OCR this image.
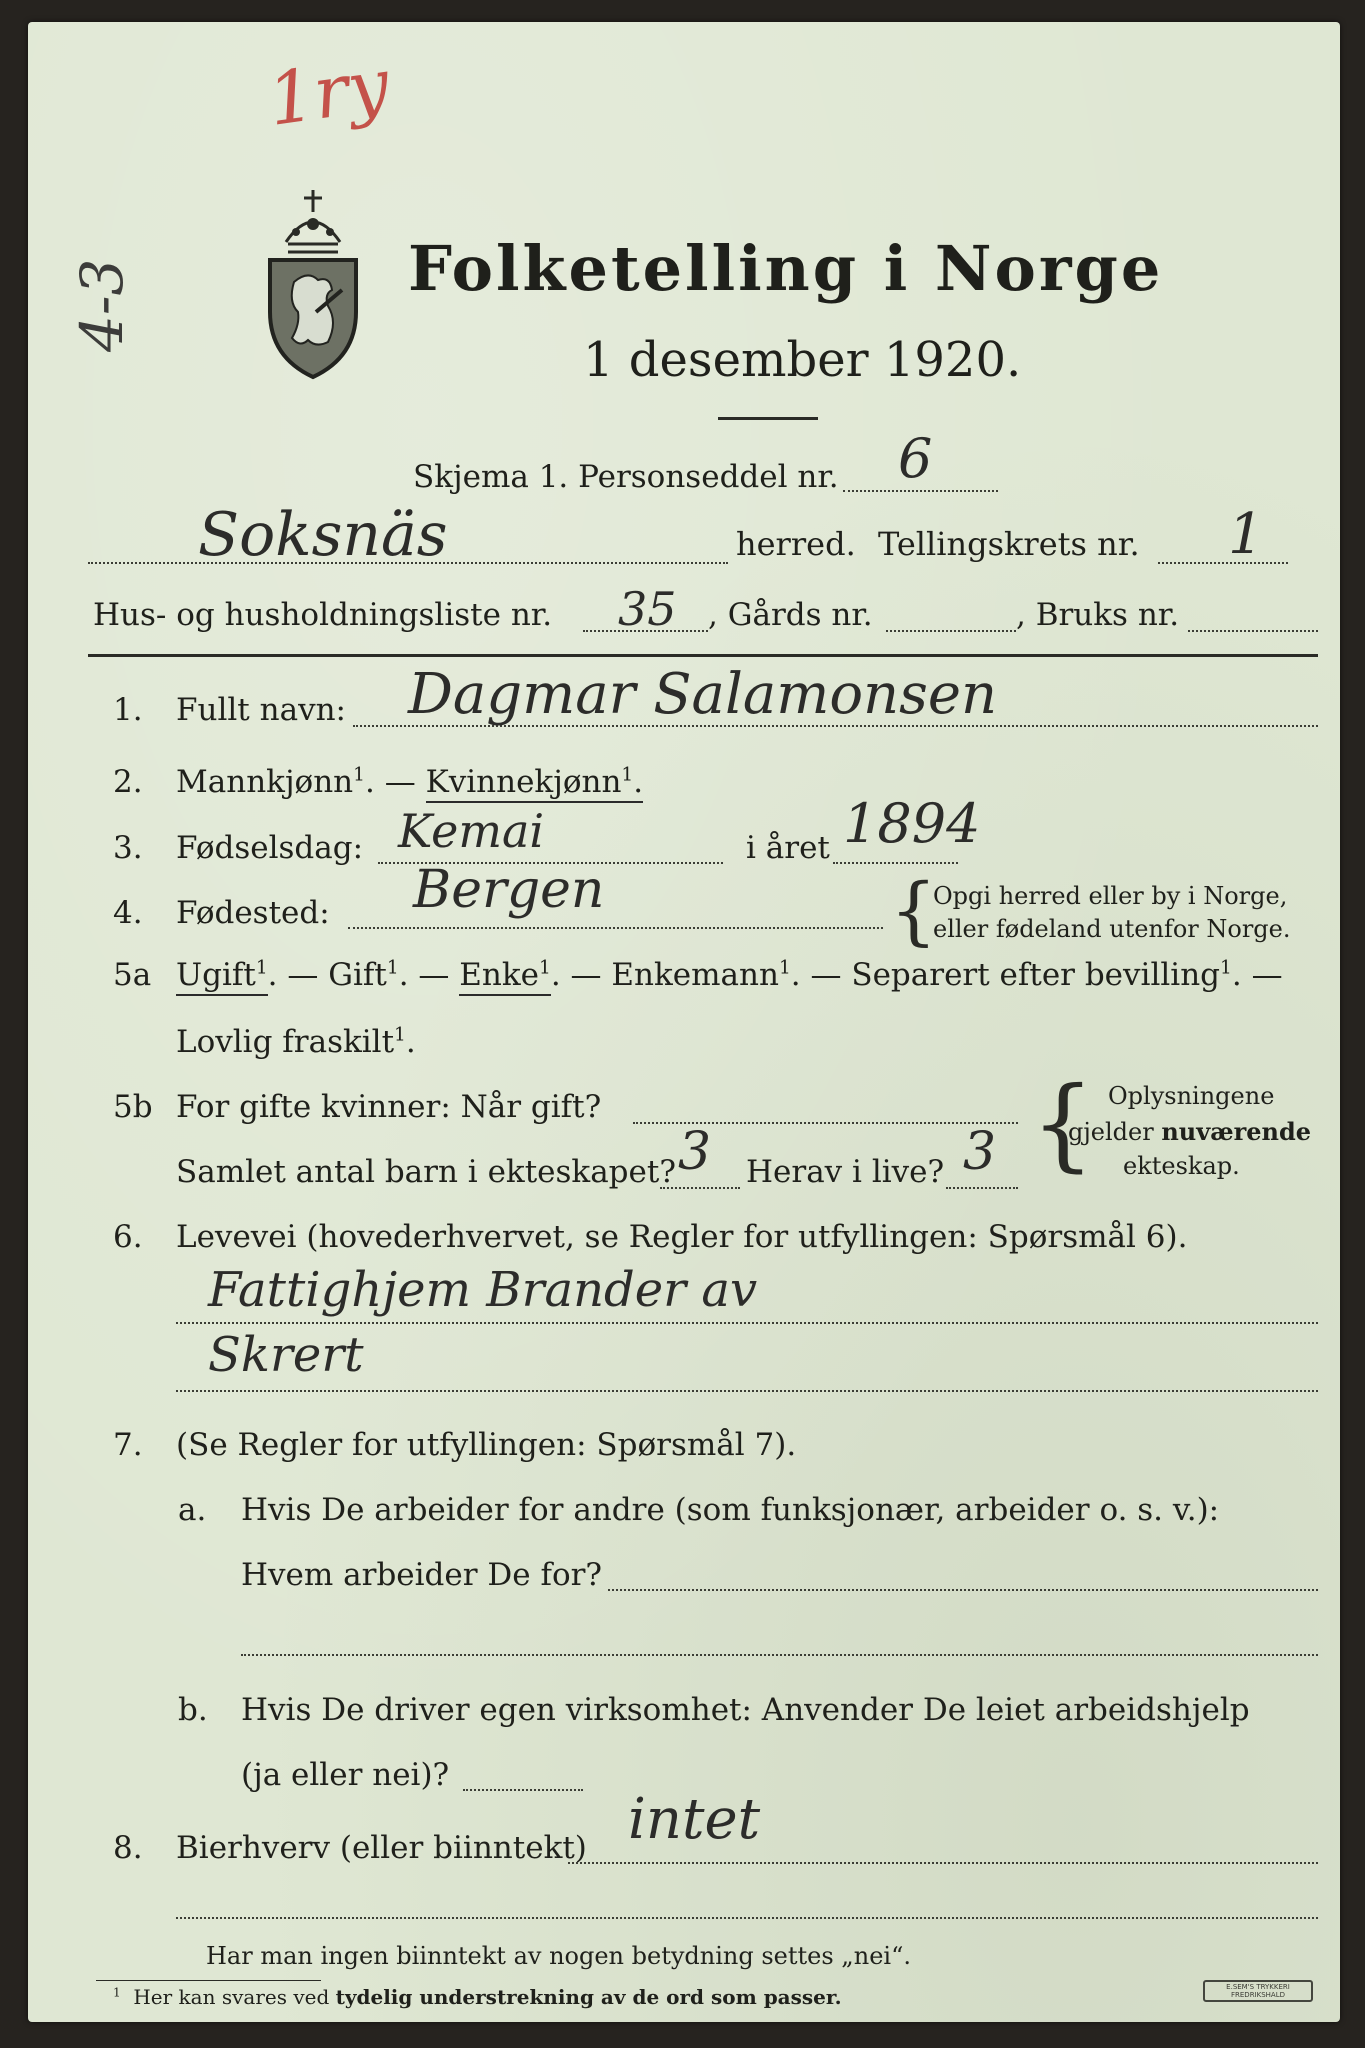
1ry
4-3	Folketelling i Norge
1 desember 1920.
Skjema 1. Personseddel nr. 6
Soksnäs	herred. Tellingskrets nr. 1
Hus- og husholdningsliste nr. 35 , Gårds nr.	, Bruks nr.
1. Fullt navn: Dagmar Salamonsen
2. Mannkjønn$^1$. — Kvinnekjønn$^1$.
3. Fødselsdag: Kemai	i året 1894
4. Fødested: Bergen	{
Opgi herred eller by i Norge,
eller fødeland utenfor Norge.
5a Ugift$^1$. — Gift$^1$. — Enke$^1$. — Enkemann$^1$. — Separert efter bevilling$^1$. —
Lovlig fraskilt$^1$.
5b For gifte kvinner: Når gift?
Samlet antal barn i ekteskapet? 3 Herav i live? 3 { Oplysningene
gjelder nuværende
ekteskap.
6. Levevei (hovederhvervet, se Regler for utfyllingen: Spørsmål 6).
Fattighjem Brander av
Skrert
7. (Se Regler for utfyllingen: Spørsmål 7).
a. Hvis De arbeider for andre (som funksjonær, arbeider o. s. v.):
Hvem arbeider De for?
b. Hvis De driver egen virksomhet: Anvender De leiet arbeidshjelp
(ja eller nei)?
8. Bierhverv (eller biinntekt) intet
Har man ingen biinntekt av nogen betydning settes „nei“.
$^1$ Her kan svares ved tydelig understrekning av de ord som passer.	E.SEM'S TRYKKERI
FREDRIKSHALD
